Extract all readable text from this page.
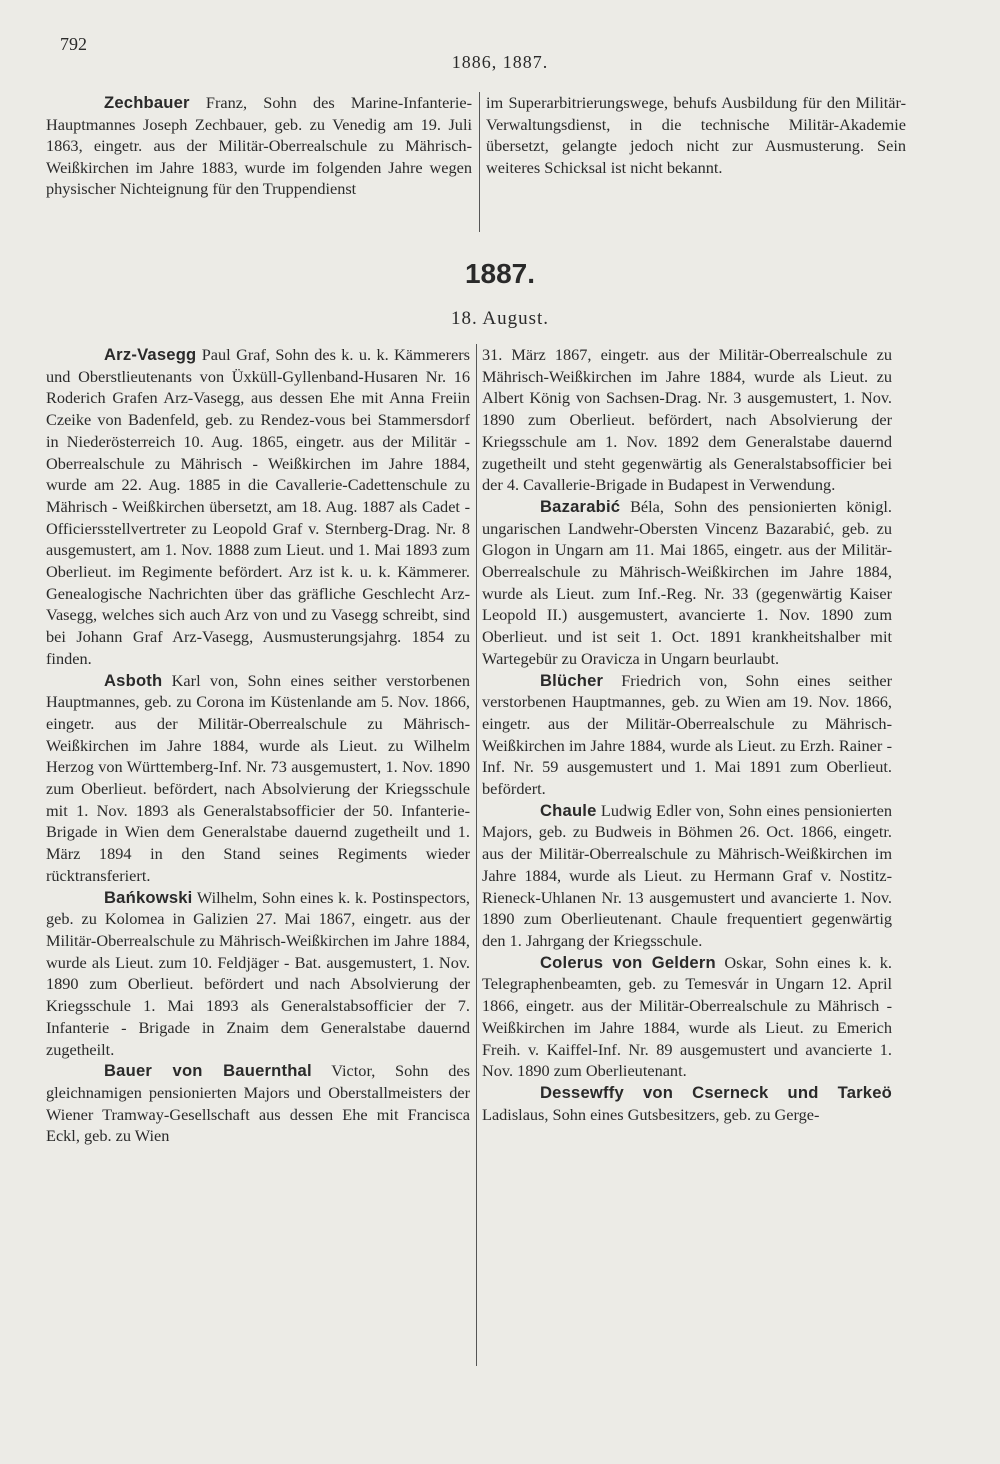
792
1886, 1887.

Zechbauer Franz, Sohn des Marine-Infanterie-Hauptmannes Joseph Zechbauer, geb. zu Venedig am 19. Juli 1863, eingetr. aus der Militär-Oberrealschule zu Mährisch-Weißkirchen im Jahre 1883, wurde im folgenden Jahre wegen physischer Nichteignung für den Truppendienst

im Superarbitrierungswege, behufs Ausbildung für den Militär-Verwaltungsdienst, in die technische Militär-Akademie übersetzt, gelangte jedoch nicht zur Ausmusterung. Sein weiteres Schicksal ist nicht bekannt.

1887.
18. August.

Arz-Vasegg Paul Graf, Sohn des k. u. k. Kämmerers und Oberstlieutenants von Üxküll-Gyllenband-Husaren Nr. 16 Roderich Grafen Arz-Vasegg, aus dessen Ehe mit Anna Freiin Czeike von Badenfeld, geb. zu Rendez-vous bei Stammersdorf in Niederösterreich 10. Aug. 1865, eingetr. aus der Militär - Oberrealschule zu Mährisch - Weißkirchen im Jahre 1884, wurde am 22. Aug. 1885 in die Cavallerie-Cadettenschule zu Mährisch - Weißkirchen übersetzt, am 18. Aug. 1887 als Cadet - Officiersstellvertreter zu Leopold Graf v. Sternberg-Drag. Nr. 8 ausgemustert, am 1. Nov. 1888 zum Lieut. und 1. Mai 1893 zum Oberlieut. im Regimente befördert. Arz ist k. u. k. Kämmerer. Genealogische Nachrichten über das gräfliche Geschlecht Arz-Vasegg, welches sich auch Arz von und zu Vasegg schreibt, sind bei Johann Graf Arz-Vasegg, Ausmusterungsjahrg. 1854 zu finden.

Asboth Karl von, Sohn eines seither verstorbenen Hauptmannes, geb. zu Corona im Küstenlande am 5. Nov. 1866, eingetr. aus der Militär-Oberrealschule zu Mährisch-Weißkirchen im Jahre 1884, wurde als Lieut. zu Wilhelm Herzog von Württemberg-Inf. Nr. 73 ausgemustert, 1. Nov. 1890 zum Oberlieut. befördert, nach Absolvierung der Kriegsschule mit 1. Nov. 1893 als Generalstabsofficier der 50. Infanterie-Brigade in Wien dem Generalstabe dauernd zugetheilt und 1. März 1894 in den Stand seines Regiments wieder rücktransferiert.

Bańkowski Wilhelm, Sohn eines k. k. Postinspectors, geb. zu Kolomea in Galizien 27. Mai 1867, eingetr. aus der Militär-Oberrealschule zu Mährisch-Weißkirchen im Jahre 1884, wurde als Lieut. zum 10. Feldjäger - Bat. ausgemustert, 1. Nov. 1890 zum Oberlieut. befördert und nach Absolvierung der Kriegsschule 1. Mai 1893 als Generalstabsofficier der 7. Infanterie - Brigade in Znaim dem Generalstabe dauernd zugetheilt.

Bauer von Bauernthal Victor, Sohn des gleichnamigen pensionierten Majors und Oberstallmeisters der Wiener Tramway-Gesellschaft aus dessen Ehe mit Francisca Eckl, geb. zu Wien

31. März 1867, eingetr. aus der Militär-Oberrealschule zu Mährisch-Weißkirchen im Jahre 1884, wurde als Lieut. zu Albert König von Sachsen-Drag. Nr. 3 ausgemustert, 1. Nov. 1890 zum Oberlieut. befördert, nach Absolvierung der Kriegsschule am 1. Nov. 1892 dem Generalstabe dauernd zugetheilt und steht gegenwärtig als Generalstabsofficier bei der 4. Cavallerie-Brigade in Budapest in Verwendung.

Bazarabić Béla, Sohn des pensionierten königl. ungarischen Landwehr-Obersten Vincenz Bazarabić, geb. zu Glogon in Ungarn am 11. Mai 1865, eingetr. aus der Militär-Oberrealschule zu Mährisch-Weißkirchen im Jahre 1884, wurde als Lieut. zum Inf.-Reg. Nr. 33 (gegenwärtig Kaiser Leopold II.) ausgemustert, avancierte 1. Nov. 1890 zum Oberlieut. und ist seit 1. Oct. 1891 krankheitshalber mit Wartegebür zu Oravicza in Ungarn beurlaubt.

Blücher Friedrich von, Sohn eines seither verstorbenen Hauptmannes, geb. zu Wien am 19. Nov. 1866, eingetr. aus der Militär-Oberrealschule zu Mährisch-Weißkirchen im Jahre 1884, wurde als Lieut. zu Erzh. Rainer - Inf. Nr. 59 ausgemustert und 1. Mai 1891 zum Oberlieut. befördert.

Chaule Ludwig Edler von, Sohn eines pensionierten Majors, geb. zu Budweis in Böhmen 26. Oct. 1866, eingetr. aus der Militär-Oberrealschule zu Mährisch-Weißkirchen im Jahre 1884, wurde als Lieut. zu Hermann Graf v. Nostitz-Rieneck-Uhlanen Nr. 13 ausgemustert und avancierte 1. Nov. 1890 zum Oberlieutenant. Chaule frequentiert gegenwärtig den 1. Jahrgang der Kriegsschule.

Colerus von Geldern Oskar, Sohn eines k. k. Telegraphenbeamten, geb. zu Temesvár in Ungarn 12. April 1866, eingetr. aus der Militär-Oberrealschule zu Mährisch - Weißkirchen im Jahre 1884, wurde als Lieut. zu Emerich Freih. v. Kaiffel-Inf. Nr. 89 ausgemustert und avancierte 1. Nov. 1890 zum Oberlieutenant.

Dessewffy von Cserneck und Tarkeö Ladislaus, Sohn eines Gutsbesitzers, geb. zu Gerge-
